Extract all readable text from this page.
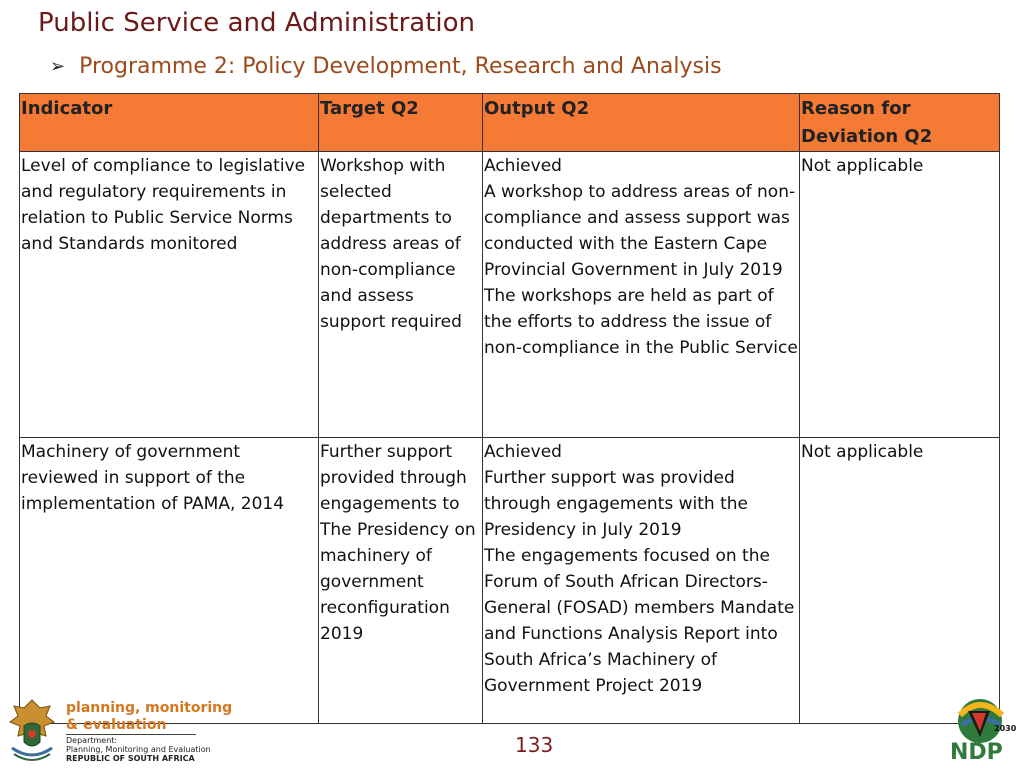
Public Service and Administration
➢ Programme 2: Policy Development, Research and Analysis
Indicator	Target Q2	Output Q2	Reason for Deviation Q2
Level of compliance to legislative and regulatory requirements in relation to Public Service Norms and Standards monitored	Workshop with selected departments to address areas of non-compliance and assess support required	Achieved
A workshop to address areas of non-compliance and assess support was conducted with the Eastern Cape Provincial Government in July 2019
The workshops are held as part of the efforts to address the issue of non-compliance in the Public Service	Not applicable
Machinery of government reviewed in support of the implementation of PAMA, 2014	Further support provided through engagements to The Presidency on machinery of government reconfiguration 2019	Achieved
Further support was provided through engagements with the Presidency in July 2019
The engagements focused on the Forum of South African Directors-General (FOSAD) members Mandate and Functions Analysis Report into South Africa’s Machinery of Government Project 2019	Not applicable
planning, monitoring
& evaluation
Department:
Planning, Monitoring and Evaluation
REPUBLIC OF SOUTH AFRICA
133
2030
NDP
